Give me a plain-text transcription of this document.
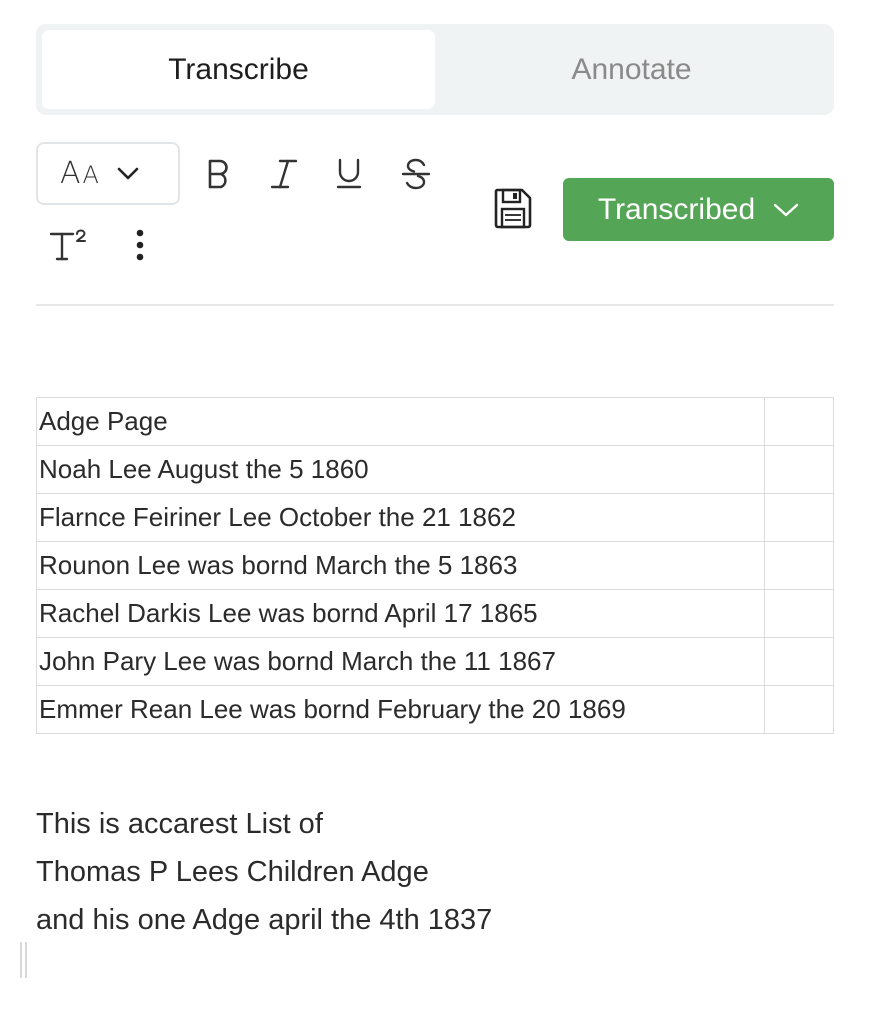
Transcribe	Annotate
A A
Transcribed
Adge Page	
Noah Lee August the 5 1860	
Flarnce Feiriner Lee October the 21 1862	
Rounon Lee was bornd March the 5 1863	
Rachel Darkis Lee was bornd April 17 1865	
John Pary Lee was bornd March the 11 1867	
Emmer Rean Lee was bornd February the 20 1869	
This is accarest List of
Thomas P Lees Children Adge
and his one Adge april the 4th 1837
